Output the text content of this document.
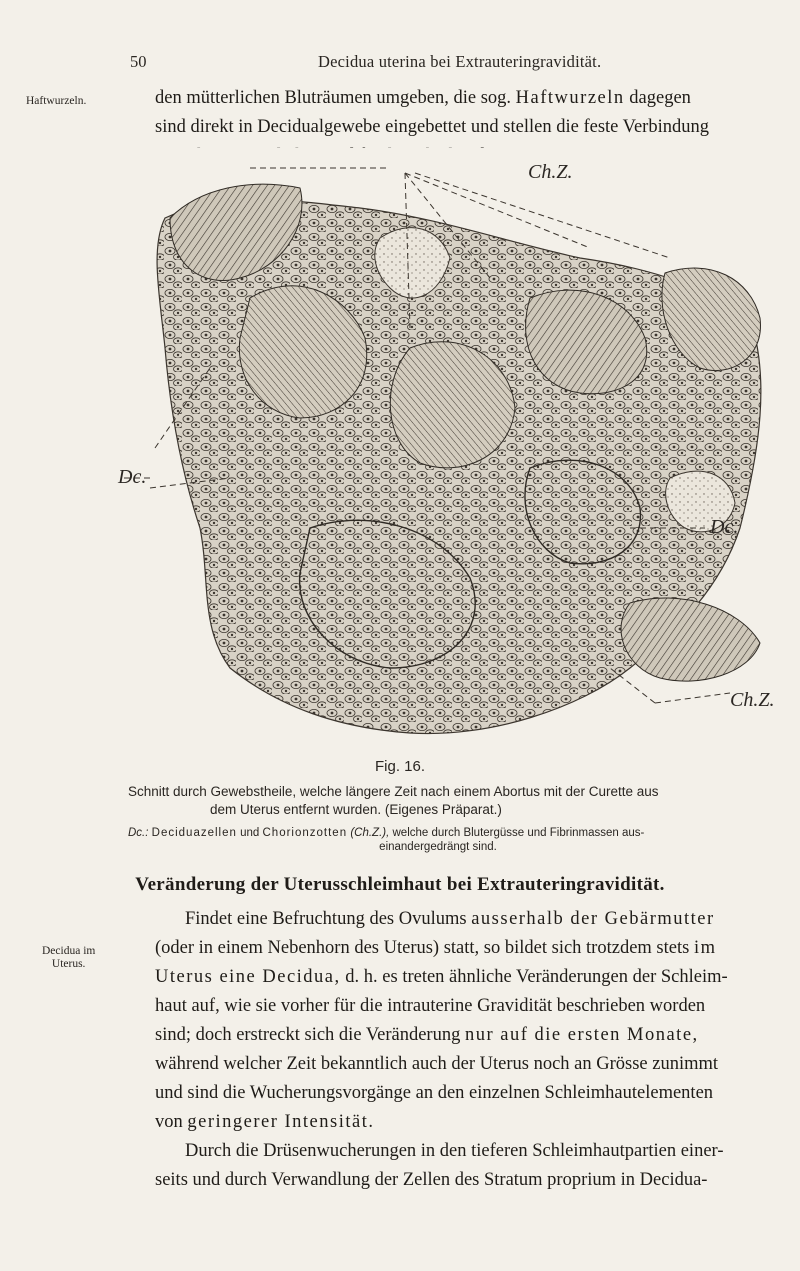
50	Decidua uterina bei Extrauteringravidität.
Haftwurzeln.	den mütterlichen Bluträumen umgeben, die sog. Haftwurzeln dagegen
sind direkt in Decidualgewebe eingebettet und stellen die feste Verbindung
Ch.Z.
Dc.
Dc.
Ch.Z.
Fig. 16.
Schnitt durch Gewebstheile, welche längere Zeit nach einem Abortus mit der Curette aus
dem Uterus entfernt wurden. (Eigenes Präparat.)
Dc.: Deciduazellen und Chorionzotten (Ch.Z.), welche durch Blutergüsse und Fibrinmassen aus-
einandergedrängt sind.
Veränderung der Uterusschleimhaut bei Extrauteringravidität.
Decidua im
Uterus.
Findet eine Befruchtung des Ovulums ausserhalb der Gebärmutter
(oder in einem Nebenhorn des Uterus) statt, so bildet sich trotzdem stets im
Uterus eine Decidua, d. h. es treten ähnliche Veränderungen der Schleim-
haut auf, wie sie vorher für die intrauterine Gravidität beschrieben worden
sind; doch erstreckt sich die Veränderung nur auf die ersten Monate,
während welcher Zeit bekanntlich auch der Uterus noch an Grösse zunimmt
und sind die Wucherungsvorgänge an den einzelnen Schleimhautelementen
von geringerer Intensität.
Durch die Drüsenwucherungen in den tieferen Schleimhautpartien einer-
seits und durch Verwandlung der Zellen des Stratum proprium in Decidua-
